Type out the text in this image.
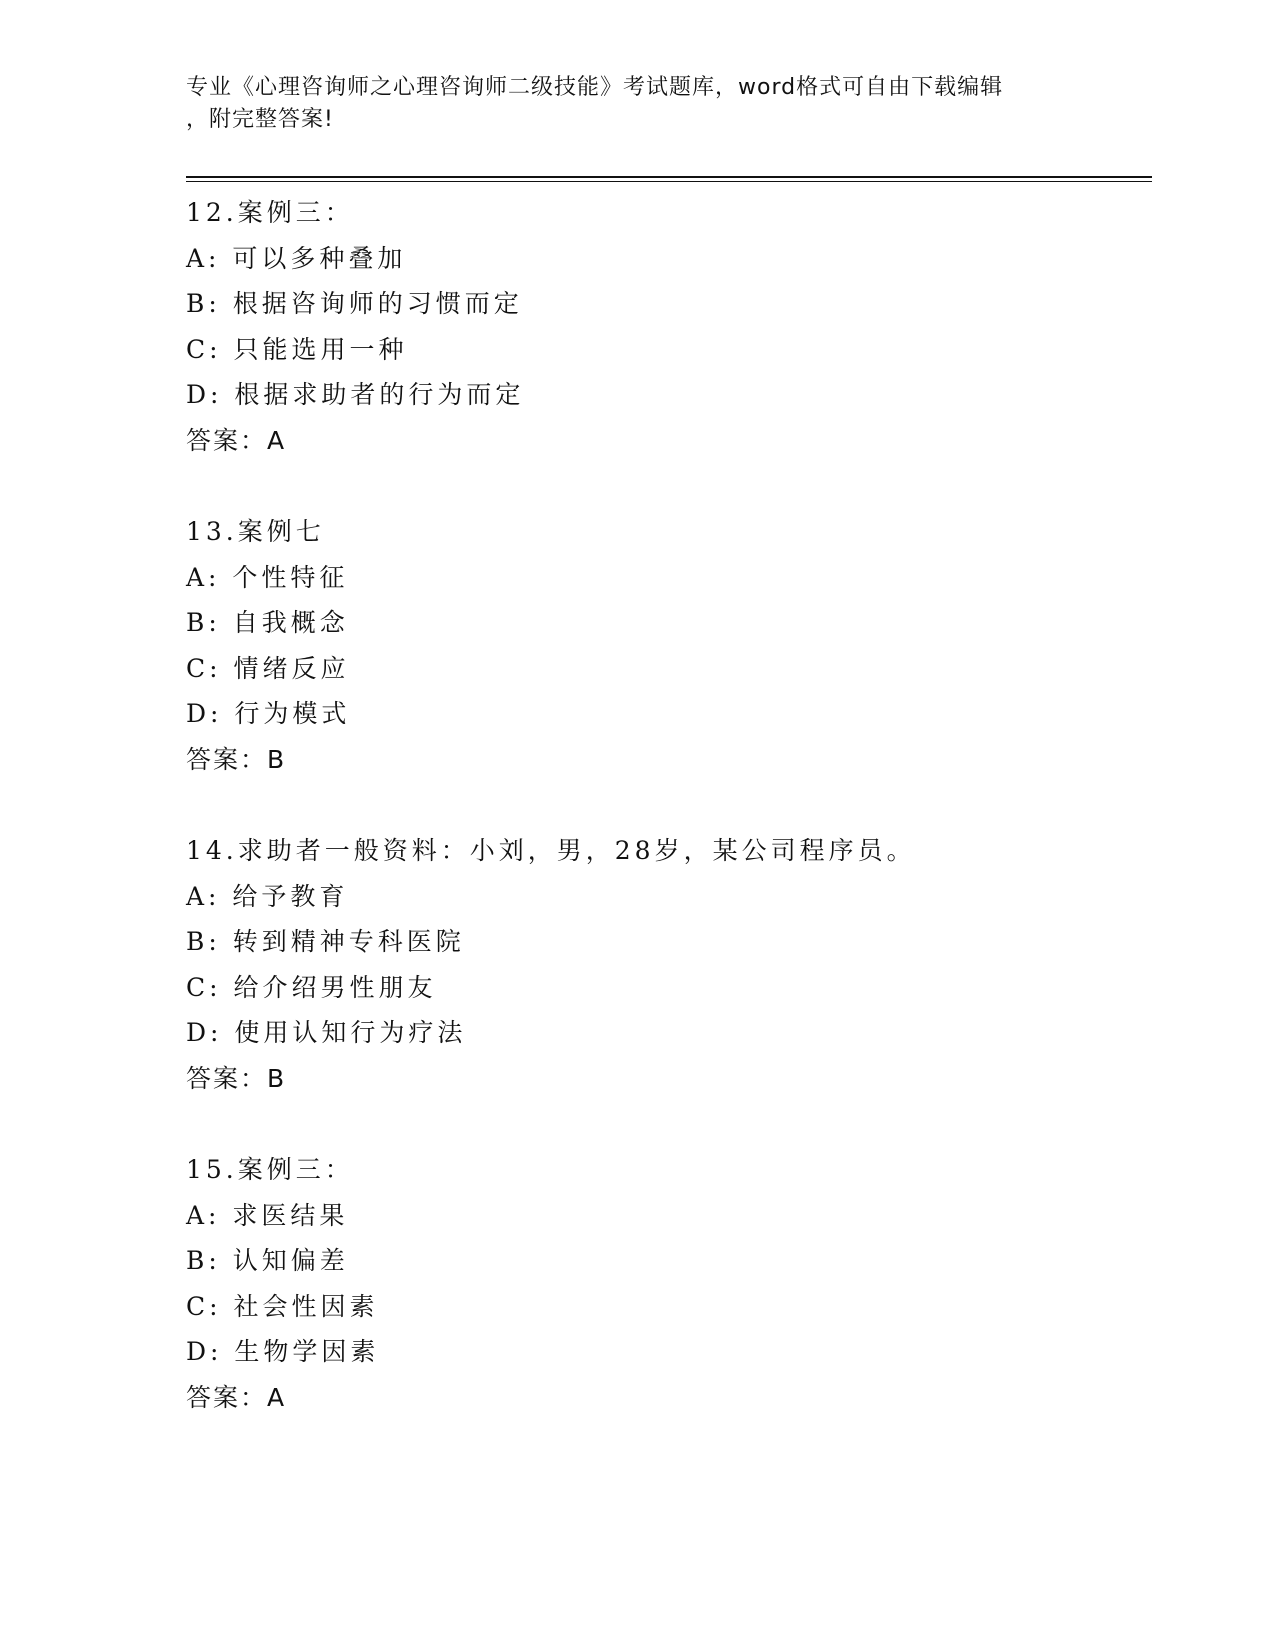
专业《心理咨询师之心理咨询师二级技能》考试题库，word格式可自由下载编辑
，附完整答案!
12.案例三：
A: 可以多种叠加
B: 根据咨询师的习惯而定
C: 只能选用一种
D: 根据求助者的行为而定
答案：A
13.案例七
A: 个性特征
B: 自我概念
C: 情绪反应
D: 行为模式
答案：B
14.求助者一般资料：小刘，男，28岁，某公司程序员。
A: 给予教育
B: 转到精神专科医院
C: 给介绍男性朋友
D: 使用认知行为疗法
答案：B
15.案例三：
A: 求医结果
B: 认知偏差
C: 社会性因素
D: 生物学因素
答案：A
